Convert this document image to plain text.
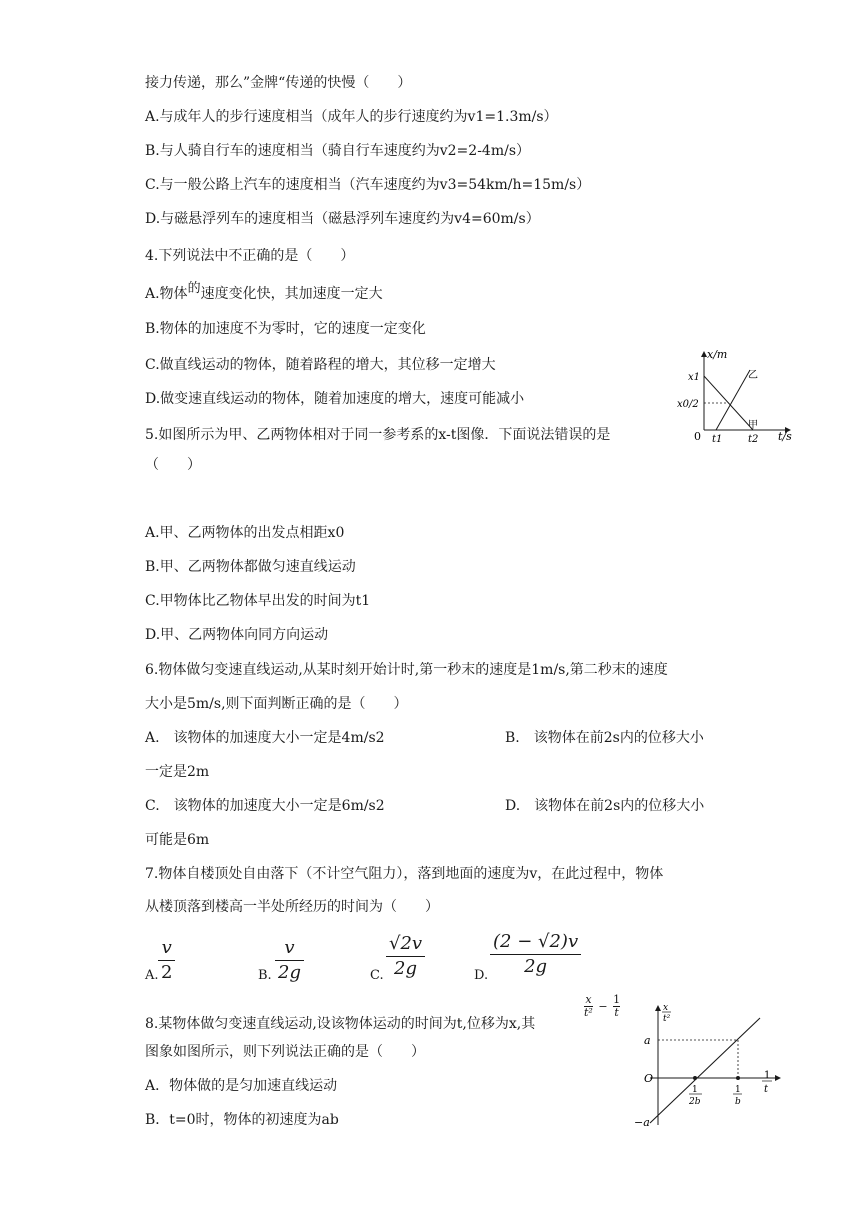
接力传递，那么”金牌“传递的快慢（　　）
A.与成年人的步行速度相当（成年人的步行速度约为v1=1.3m/s）
B.与人骑自行车的速度相当（骑自行车速度约为v2=2-4m/s）
C.与一般公路上汽车的速度相当（汽车速度约为v3=54km/h=15m/s）
D.与磁悬浮列车的速度相当（磁悬浮列车速度约为v4=60m/s）
4.下列说法中不正确的是（　　）
A.物体的速度变化快，其加速度一定大
B.物体的加速度不为零时，它的速度一定变化
C.做直线运动的物体，随着路程的增大，其位移一定增大
D.做变速直线运动的物体，随着加速度的增大，速度可能减小
x/m
t/s
0
x1
x0/2
t1	t2
甲
乙
5.如图所示为甲、乙两物体相对于同一参考系的x-t图像．下面说法错误的是
（　　）
A.甲、乙两物体的出发点相距x0
B.甲、乙两物体都做匀速直线运动
C.甲物体比乙物体早出发的时间为t1
D.甲、乙两物体向同方向运动
6.物体做匀变速直线运动,从某时刻开始计时,第一秒末的速度是1m/s,第二秒末的速度
大小是5m/s,则下面判断正确的是（　　）
A.　该物体的加速度大小一定是4m/s2	B.　该物体在前2s内的位移大小
一定是2m
C.　该物体的加速度大小一定是6m/s2	D.　该物体在前2s内的位移大小
可能是6m
7.物体自楼顶处自由落下（不计空气阻力），落到地面的速度为v，在此过程中，物体
从楼顶落到楼高一半处所经历的时间为（　　）
A. $\frac{v}{2}$	B. $\frac{v}{2g}$	C. $\frac{√2v}{2g}$	D. $\frac{(2 - √2)v}{2g}$
8.某物体做匀变速直线运动,设该物体运动的时间为t,位移为x,其
$\frac{x}{\text{t²}} - \frac{1}{t}$
图象如图所示，则下列说法正确的是（　　）
A．物体做的是匀加速直线运动
B．t=0时，物体的初速度为ab
x
t²
1
t
O
a
−a
1
2b
1
b
